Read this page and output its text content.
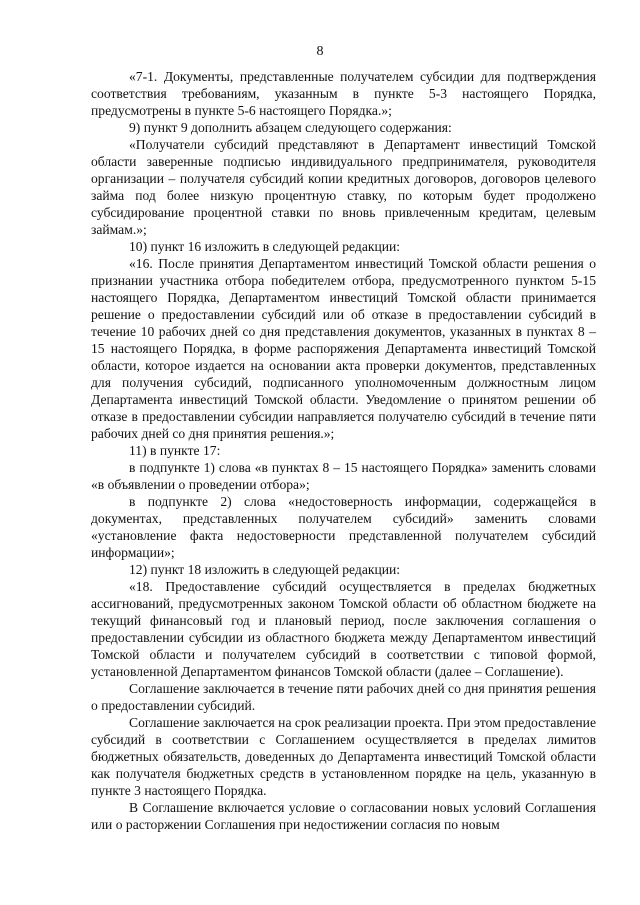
8

«7-1. Документы, представленные получателем субсидии для подтверждения соответствия требованиям, указанным в пункте 5-3 настоящего Порядка, предусмотрены в пункте 5-6 настоящего Порядка.»;

9) пункт 9 дополнить абзацем следующего содержания:

«Получатели субсидий представляют в Департамент инвестиций Томской области заверенные подписью индивидуального предпринимателя, руководителя организации – получателя субсидий копии кредитных договоров, договоров целевого займа под более низкую процентную ставку, по которым будет продолжено субсидирование процентной ставки по вновь привлеченным кредитам, целевым займам.»;

10) пункт 16 изложить в следующей редакции:

«16. После принятия Департаментом инвестиций Томской области решения о признании участника отбора победителем отбора, предусмотренного пунктом 5-15 настоящего Порядка, Департаментом инвестиций Томской области принимается решение о предоставлении субсидий или об отказе в предоставлении субсидий в течение 10 рабочих дней со дня представления документов, указанных в пунктах 8 – 15 настоящего Порядка, в форме распоряжения Департамента инвестиций Томской области, которое издается на основании акта проверки документов, представленных для получения субсидий, подписанного уполномоченным должностным лицом Департамента инвестиций Томской области. Уведомление о принятом решении об отказе в предоставлении субсидии направляется получателю субсидий в течение пяти рабочих дней со дня принятия решения.»;

11) в пункте 17:

в подпункте 1) слова «в пунктах 8 – 15 настоящего Порядка» заменить словами «в объявлении о проведении отбора»;

в подпункте 2) слова «недостоверность информации, содержащейся в документах, представленных получателем субсидий» заменить словами «установление факта недостоверности представленной получателем субсидий информации»;

12) пункт 18 изложить в следующей редакции:

«18. Предоставление субсидий осуществляется в пределах бюджетных ассигнований, предусмотренных законом Томской области об областном бюджете на текущий финансовый год и плановый период, после заключения соглашения о предоставлении субсидии из областного бюджета между Департаментом инвестиций Томской области и получателем субсидий в соответствии с типовой формой, установленной Департаментом финансов Томской области (далее – Соглашение).

Соглашение заключается в течение пяти рабочих дней со дня принятия решения о предоставлении субсидий.

Соглашение заключается на срок реализации проекта. При этом предоставление субсидий в соответствии с Соглашением осуществляется в пределах лимитов бюджетных обязательств, доведенных до Департамента инвестиций Томской области как получателя бюджетных средств в установленном порядке на цель, указанную в пункте 3 настоящего Порядка.

В Соглашение включается условие о согласовании новых условий Соглашения или о расторжении Соглашения при недостижении согласия по новым
